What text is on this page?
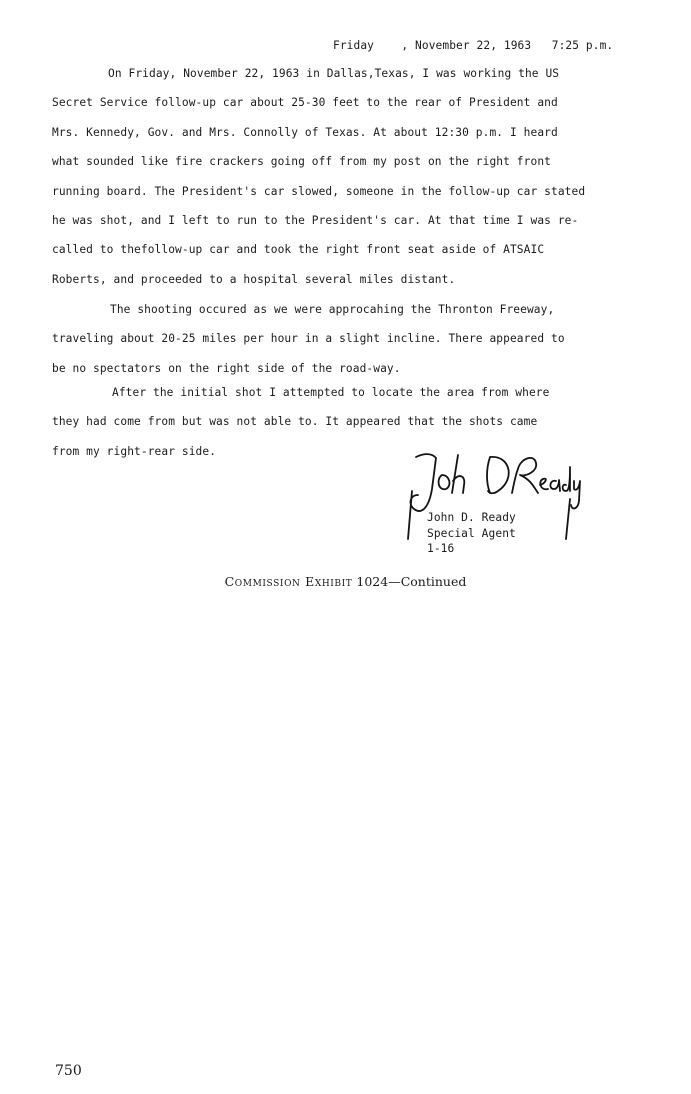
Friday , November 22, 1963 7:25 p.m.
On Friday, November 22, 1963 in Dallas,Texas, I was working the US
Secret Service follow-up car about 25-30 feet to the rear of President and
Mrs. Kennedy, Gov. and Mrs. Connolly of Texas. At about 12:30 p.m. I heard
what sounded like fire crackers going off from my post on the right front
running board. The President's car slowed, someone in the follow-up car stated
he was shot, and I left to run to the President's car. At that time I was re-
called to thefollow-up car and took the right front seat aside of ATSAIC
Roberts, and proceeded to a hospital several miles distant.
The shooting occured as we were approcahing the Thronton Freeway,
traveling about 20-25 miles per hour in a slight incline. There appeared to
be no spectators on the right side of the road-way.
After the initial shot I attempted to locate the area from where
they had come from but was not able to. It appeared that the shots came
from my right-rear side.
John D. Ready
Special Agent
1-16
Commission Exhibit 1024—Continued
750
